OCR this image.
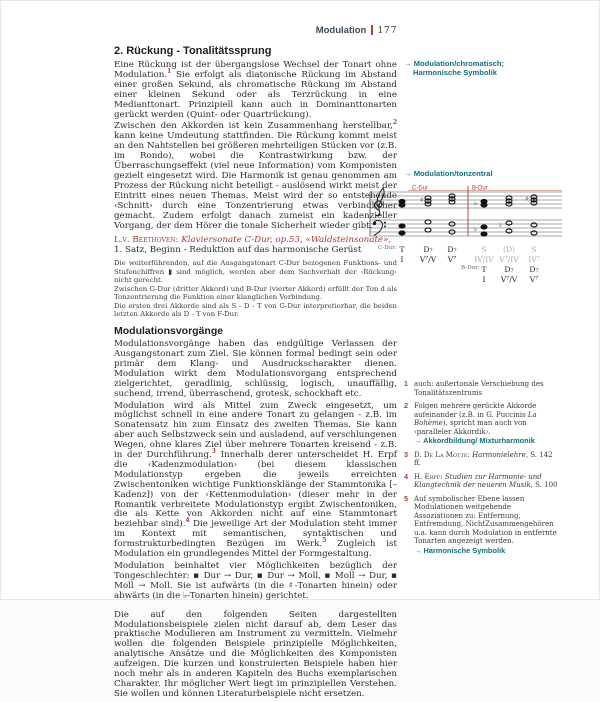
Modulation 177
2. Rückung - Tonalitätssprung

Eine Rückung ist der übergangslose Wechsel der Tonart ohne Modulation.$^1$ Sie erfolgt als diatonische Rückung im Abstand einer großen Sekund, als chromatische Rückung im Abstand einer kleinen Sekund oder als Terzrückung in eine Medianttonart. Prinzipiell kann auch in Dominanttonarten gerückt werden (Quint- oder Quartrückung).

Zwischen den Akkorden ist kein Zusammenhang herstellbar,$^2$ kann keine Umdeutung stattfinden. Die Rückung kommt meist an den Nahtstellen bei größeren mehrteiligen Stücken vor (z.B. im Rondo), wobei die Kontrastwirkung bzw. der Überraschungseffekt (viel neue Information) vom Komponisten gezielt eingesetzt wird. Die Harmonik ist genau genommen am Prozess der Rückung nicht beteiligt - auslösend wirkt meist der Eintritt eines neuen Themas. Meist wird der so entstehende ‹Schnitt› durch eine Tonzentrierung etwas verbindlicher gemacht. Zudem erfolgt danach zumeist ein kadenzieller Vorgang, der dem Hörer die tonale Sicherheit wieder gibt.

L.v. Beethoven: Klaviersonate C-Dur, op.53, «Waldsteinsonate»,
1. Satz, Beginn - Reduktion auf das harmonische Gerüst

Die weiterführenden, auf die Ausgangstonart C-Dur bezogenen Funktions- und Stufenchiffren ▮ sind möglich, werden aber dem Sachverhalt der ‹Rückung› nicht gerecht.
Zwischen G-Dur (dritter Akkord) und B-Dur (vierter Akkord) erfüllt der Ton d als Tonzentrierung die Funktion einer klanglichen Verbindung.
Die ersten drei Akkorde sind als S - D - T von G-Dur interpretierbar, die beiden letzten Akkorde als D - T von F-Dur.
Modulationsvorgänge

Modulationsvorgänge haben das endgültige Verlassen der Ausgangstonart zum Ziel. Sie können formal bedingt sein oder primär dem Klang- und Ausdruckscharakter dienen. Modulation wirkt dem Modulationsvorgang entsprechend zielgerichtet, geradlinig, schlüssig, logisch, unauffällig, suchend, irrend, überraschend, grotesk, schockhaft etc.

Modulation wird als Mittel zum Zweck eingesetzt, um möglichst schnell in eine andere Tonart zu gelangen - z.B. im Sonatensatz hin zum Einsatz des zweiten Themas. Sie kann aber auch Selbstzweck sein und ausladend, auf verschlungenen Wegen, ohne klares Ziel über mehrere Tonarten kreisend - z.B. in der Durchführung.$^3$ Innerhalb derer unterscheidet H. Erpf die ‹Kadenzmodulation› (bei diesem klassischen Modulationstyp ergeben die jeweils erreichten Zwischentoniken wichtige Funktionsklänge der Stammtonika [–Kadenz]) von der ‹Kettenmodulation› (dieser mehr in der Romantik verbreitete Modulationstyp ergibt Zwischentoniken, die als Kette von Akkorden nicht auf eine Stammtonart beziehbar sind).$^4$ Die jeweilige Art der Modulation steht immer im Kontext mit semantischen, syntaktischen und formstrukturbedingten Bezügen im Werk.$^5$ Zugleich ist Modulation ein grundlegendes Mittel der Formgestaltung.

Modulation beinhaltet vier Möglichkeiten bezüglich der Tongeschlechter: ▪ Dur → Dur, ▪ Dur → Moll, ▪ Moll → Dur, ▪ Moll → Moll. Sie ist aufwärts (in die ♯-Tonarten hinein) oder abwärts (in die ♭-Tonarten hinein) gerichtet.

Die auf den folgenden Seiten dargestellten Modulationsbeispiele zielen nicht darauf ab, dem Leser das praktische Modulieren am Instrument zu vermitteln. Vielmehr wollen die folgenden Beispiele prinzipielle Möglichkeiten, analytische Ansätze und die Möglichkeiten des Komponisten aufzeigen. Die kurzen und konstruierten Beispiele haben hier noch mehr als in anderen Kapiteln des Buchs exemplarischen Charakter. Ihr möglicher Wert liegt im prinzipiellen Verstehen. Sie wollen und können Literaturbeispiele nicht ersetzen.

→ Modulation/chromatisch; Harmonische Symbolik
→ Modulation/tonzentral
C-Dur	B-Dur
♯	♭
♭	♭
♯
C-Dur: T D₇ D₇	S (D) S
I V⁷/V V⁷ IV/IV V⁷/IV IV⁷
B-Dur: T D₇ D₇
I V⁷/V V⁷
1 auch: außertonale Verschiebung des Tonalitätszentrums
2 Folgen mehrere gerückte Akkorde aufeinander (z.B. in G. Puccinis La Bohème), spricht man auch von ‹paralleler Akkordik›.
→ Akkordbildung/ Mixturharmonik
3 D. De La Motte: Harmonielehre, S. 142 ff.
4 H. Erpf: Studien zur Harmonie- und Klangtechnik der neueren Musik, S. 100
5 Auf symbolischer Ebene lassen Modulationen weitgehende Assoziationen zu: Entfernung, Entfremdung, NichtZusammengehören u.a. kann durch Modulation in entfernte Tonarten angezeigt werden.
→ Harmonische Symbolik
